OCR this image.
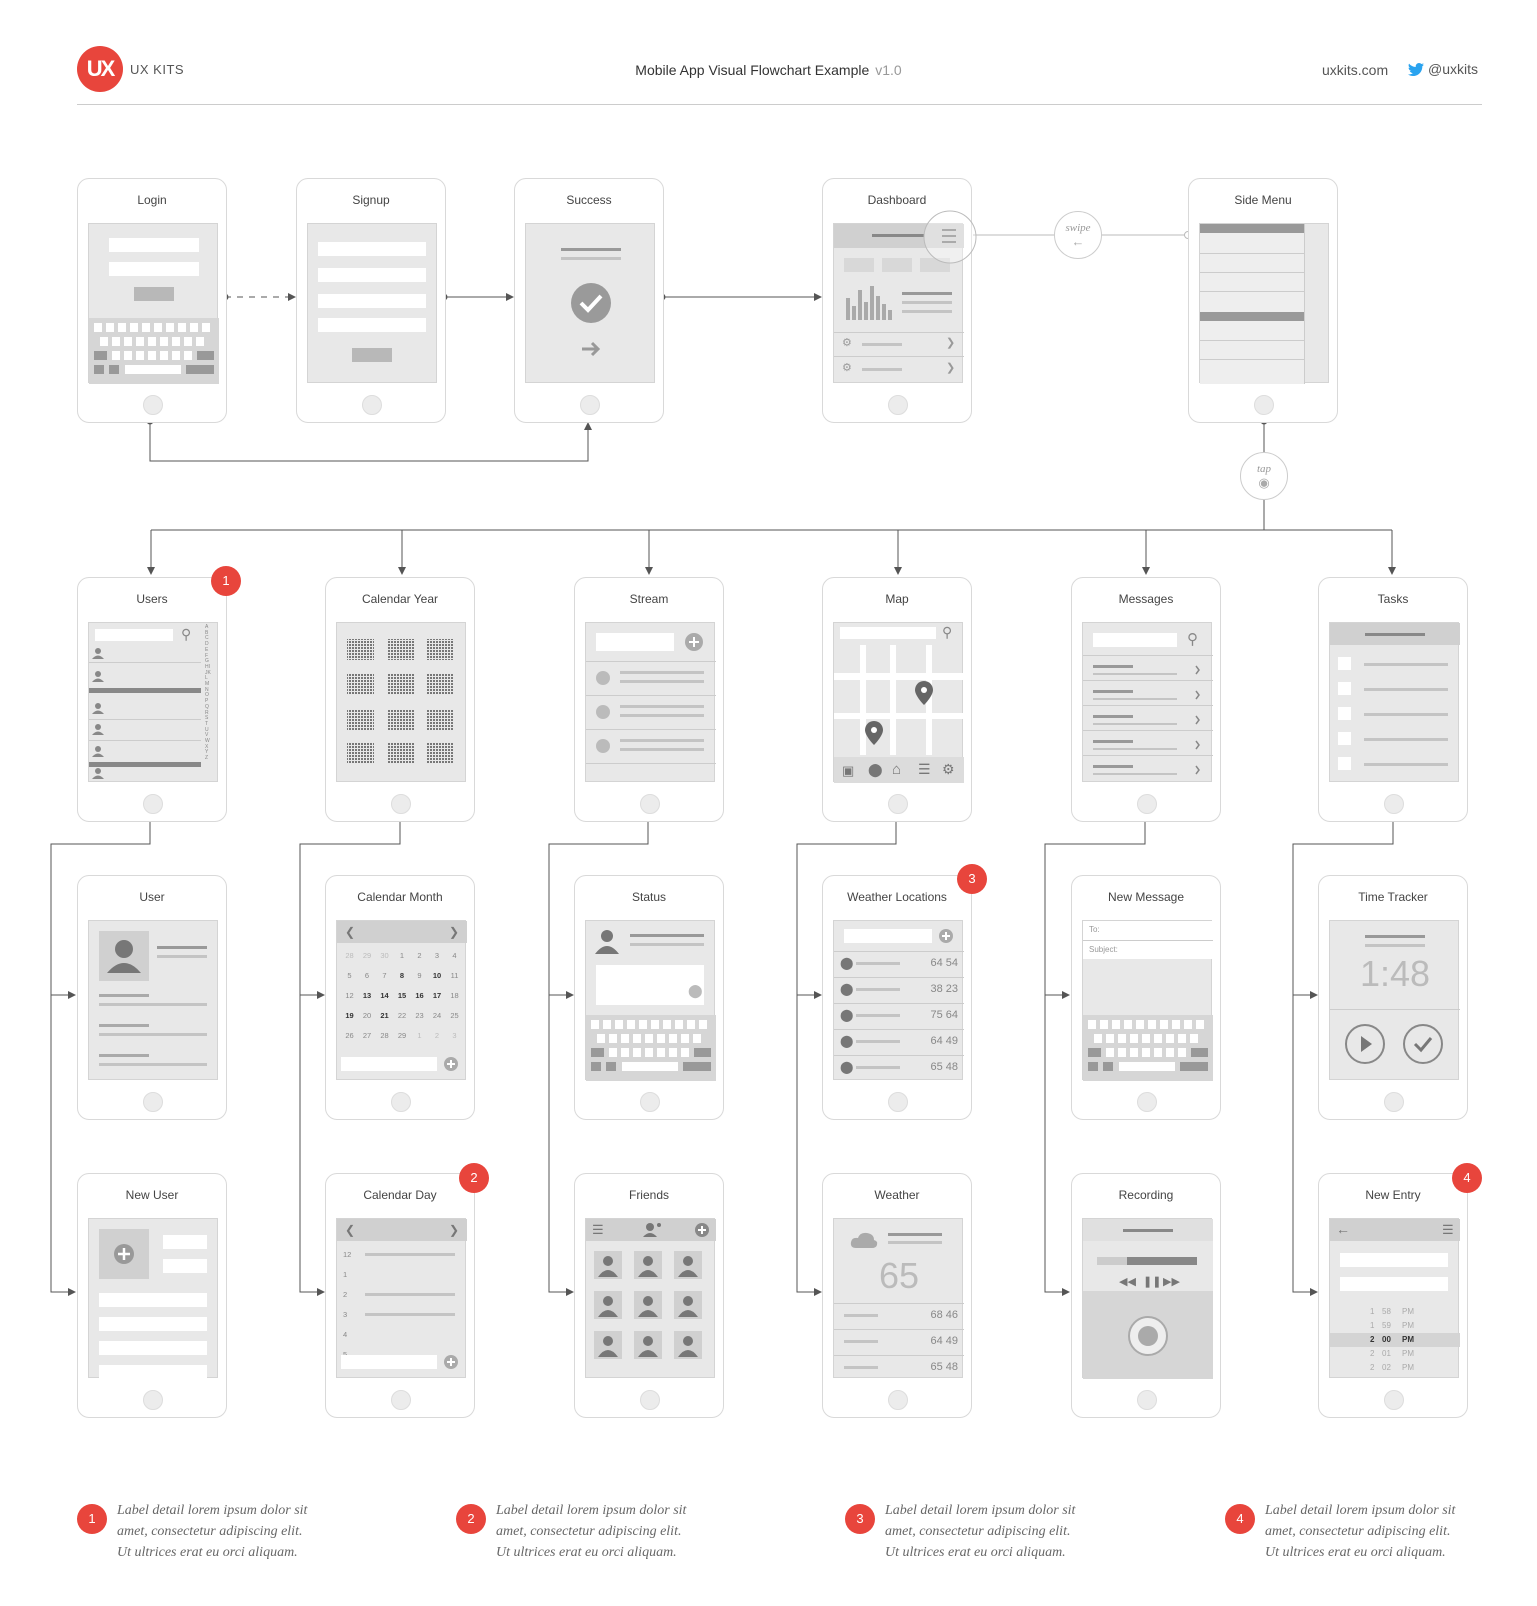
UX	UX KITS	Mobile App Visual Flowchart Example v1.0	uxkits.com	@uxkits
Login	Signup	Success	Dashboard
⚙	❯
⚙	❯
swipe
←
Side Menu
tap
◉
Users
⚲	ABCDEFGHIJKLMNOPQRSTUVWXYZ
1
Calendar Year	Stream	Map
⚲
▣ ⬤ ⌂ ☰ ⚙
Messages
⚲
Tasks
User	Calendar Month
❮	❯
28	29	30	1	2	3	4
5	6	7	8	9	10	11
12	13	14	15	16	17	18
19	20	21	22	23	24	25
26	27	28	29	1	2	3
Status
⬤
Weather Locations
⬤	64 54
⬤	38 23
⬤	75 64
⬤	64 49
⬤	65 48
3
New Message
To:
Subject:
Time Tracker
1:48
New User	Calendar Day
❮	❯
12
1
2
3
4
2
Friends
☰
Weather
65
68 46
64 49
65 48
Recording
◀◀ ❚❚ ▶▶
New Entry
←	☰
1 58 PM
1 59 PM
2 00 PM
2 01 PM
2 02 PM
4
1
Label detail lorem ipsum dolor sit
amet, consectetur adipiscing elit.
Ut ultrices erat eu orci aliquam.
2
Label detail lorem ipsum dolor sit
amet, consectetur adipiscing elit.
Ut ultrices erat eu orci aliquam.
3
Label detail lorem ipsum dolor sit
amet, consectetur adipiscing elit.
Ut ultrices erat eu orci aliquam.
4
Label detail lorem ipsum dolor sit
amet, consectetur adipiscing elit.
Ut ultrices erat eu orci aliquam.
